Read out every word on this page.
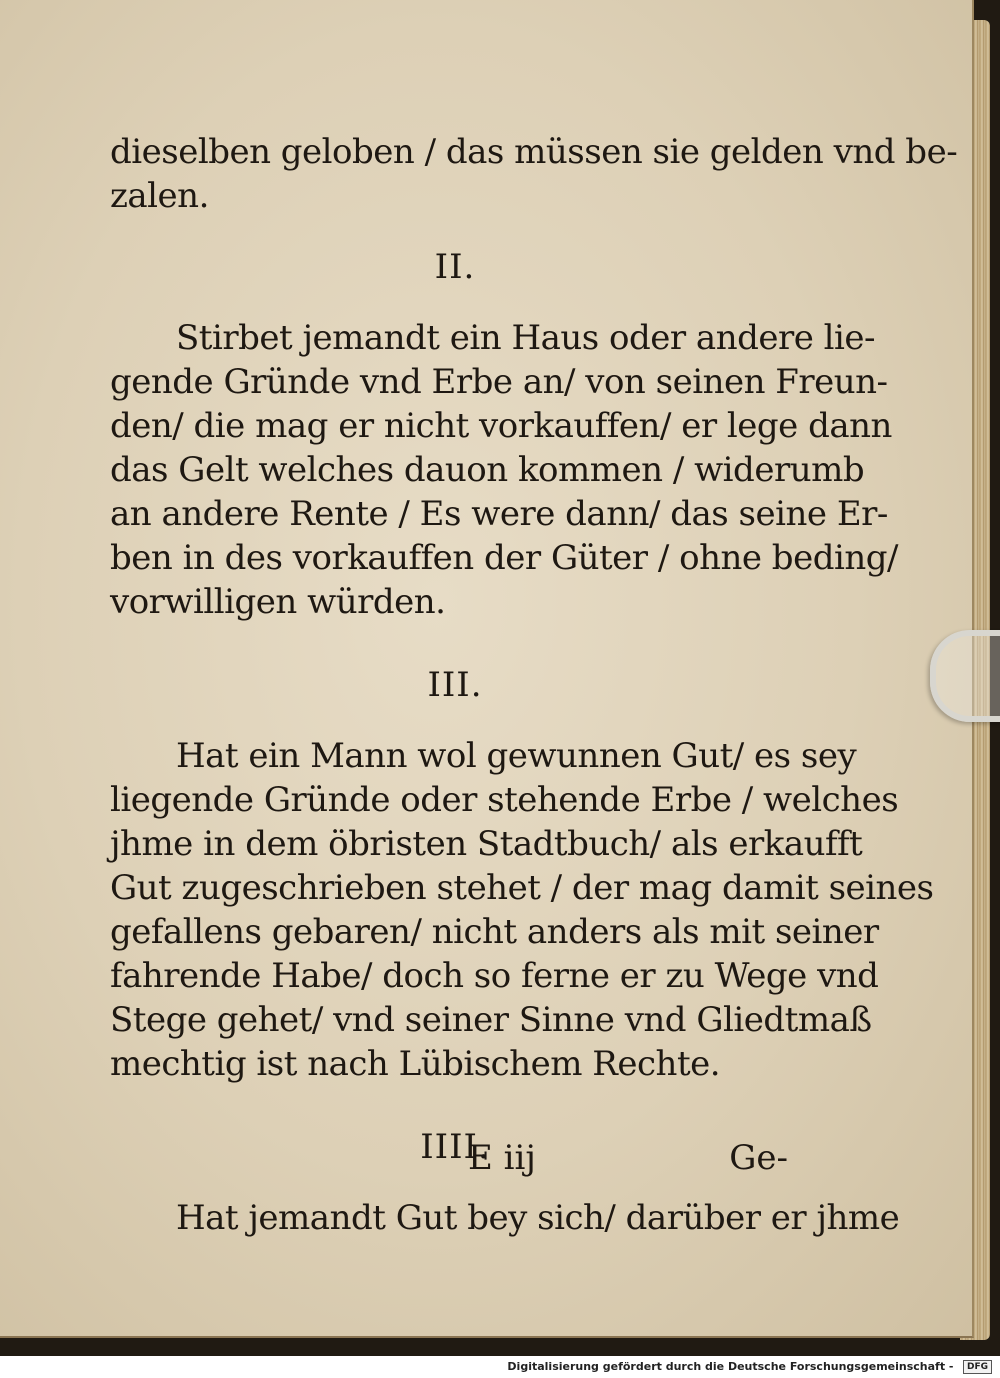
dieselben geloben / das müssen sie gelden vnd be-
zalen.
II.
Stirbet jemandt ein Haus oder andere lie-
gende Gründe vnd Erbe an/ von seinen Freun-
den/ die mag er nicht vorkauffen/ er lege dann
das Gelt welches dauon kommen / widerumb
an andere Rente / Es were dann/ das seine Er-
ben in des vorkauffen der Güter / ohne beding/
vorwilligen würden.
III.
Hat ein Mann wol gewunnen Gut/ es sey
liegende Gründe oder stehende Erbe / welches
jhme in dem öbristen Stadtbuch/ als erkaufft
Gut zugeschrieben stehet / der mag damit seines
gefallens gebaren/ nicht anders als mit seiner
fahrende Habe/ doch so ferne er zu Wege vnd
Stege gehet/ vnd seiner Sinne vnd Gliedtmaß
mechtig ist nach Lübischem Rechte.
IIII.
Hat jemandt Gut bey sich/ darüber er jhme
E iij	Ge-
Digitalisierung gefördert durch die Deutsche Forschungsgemeinschaft - DFG
